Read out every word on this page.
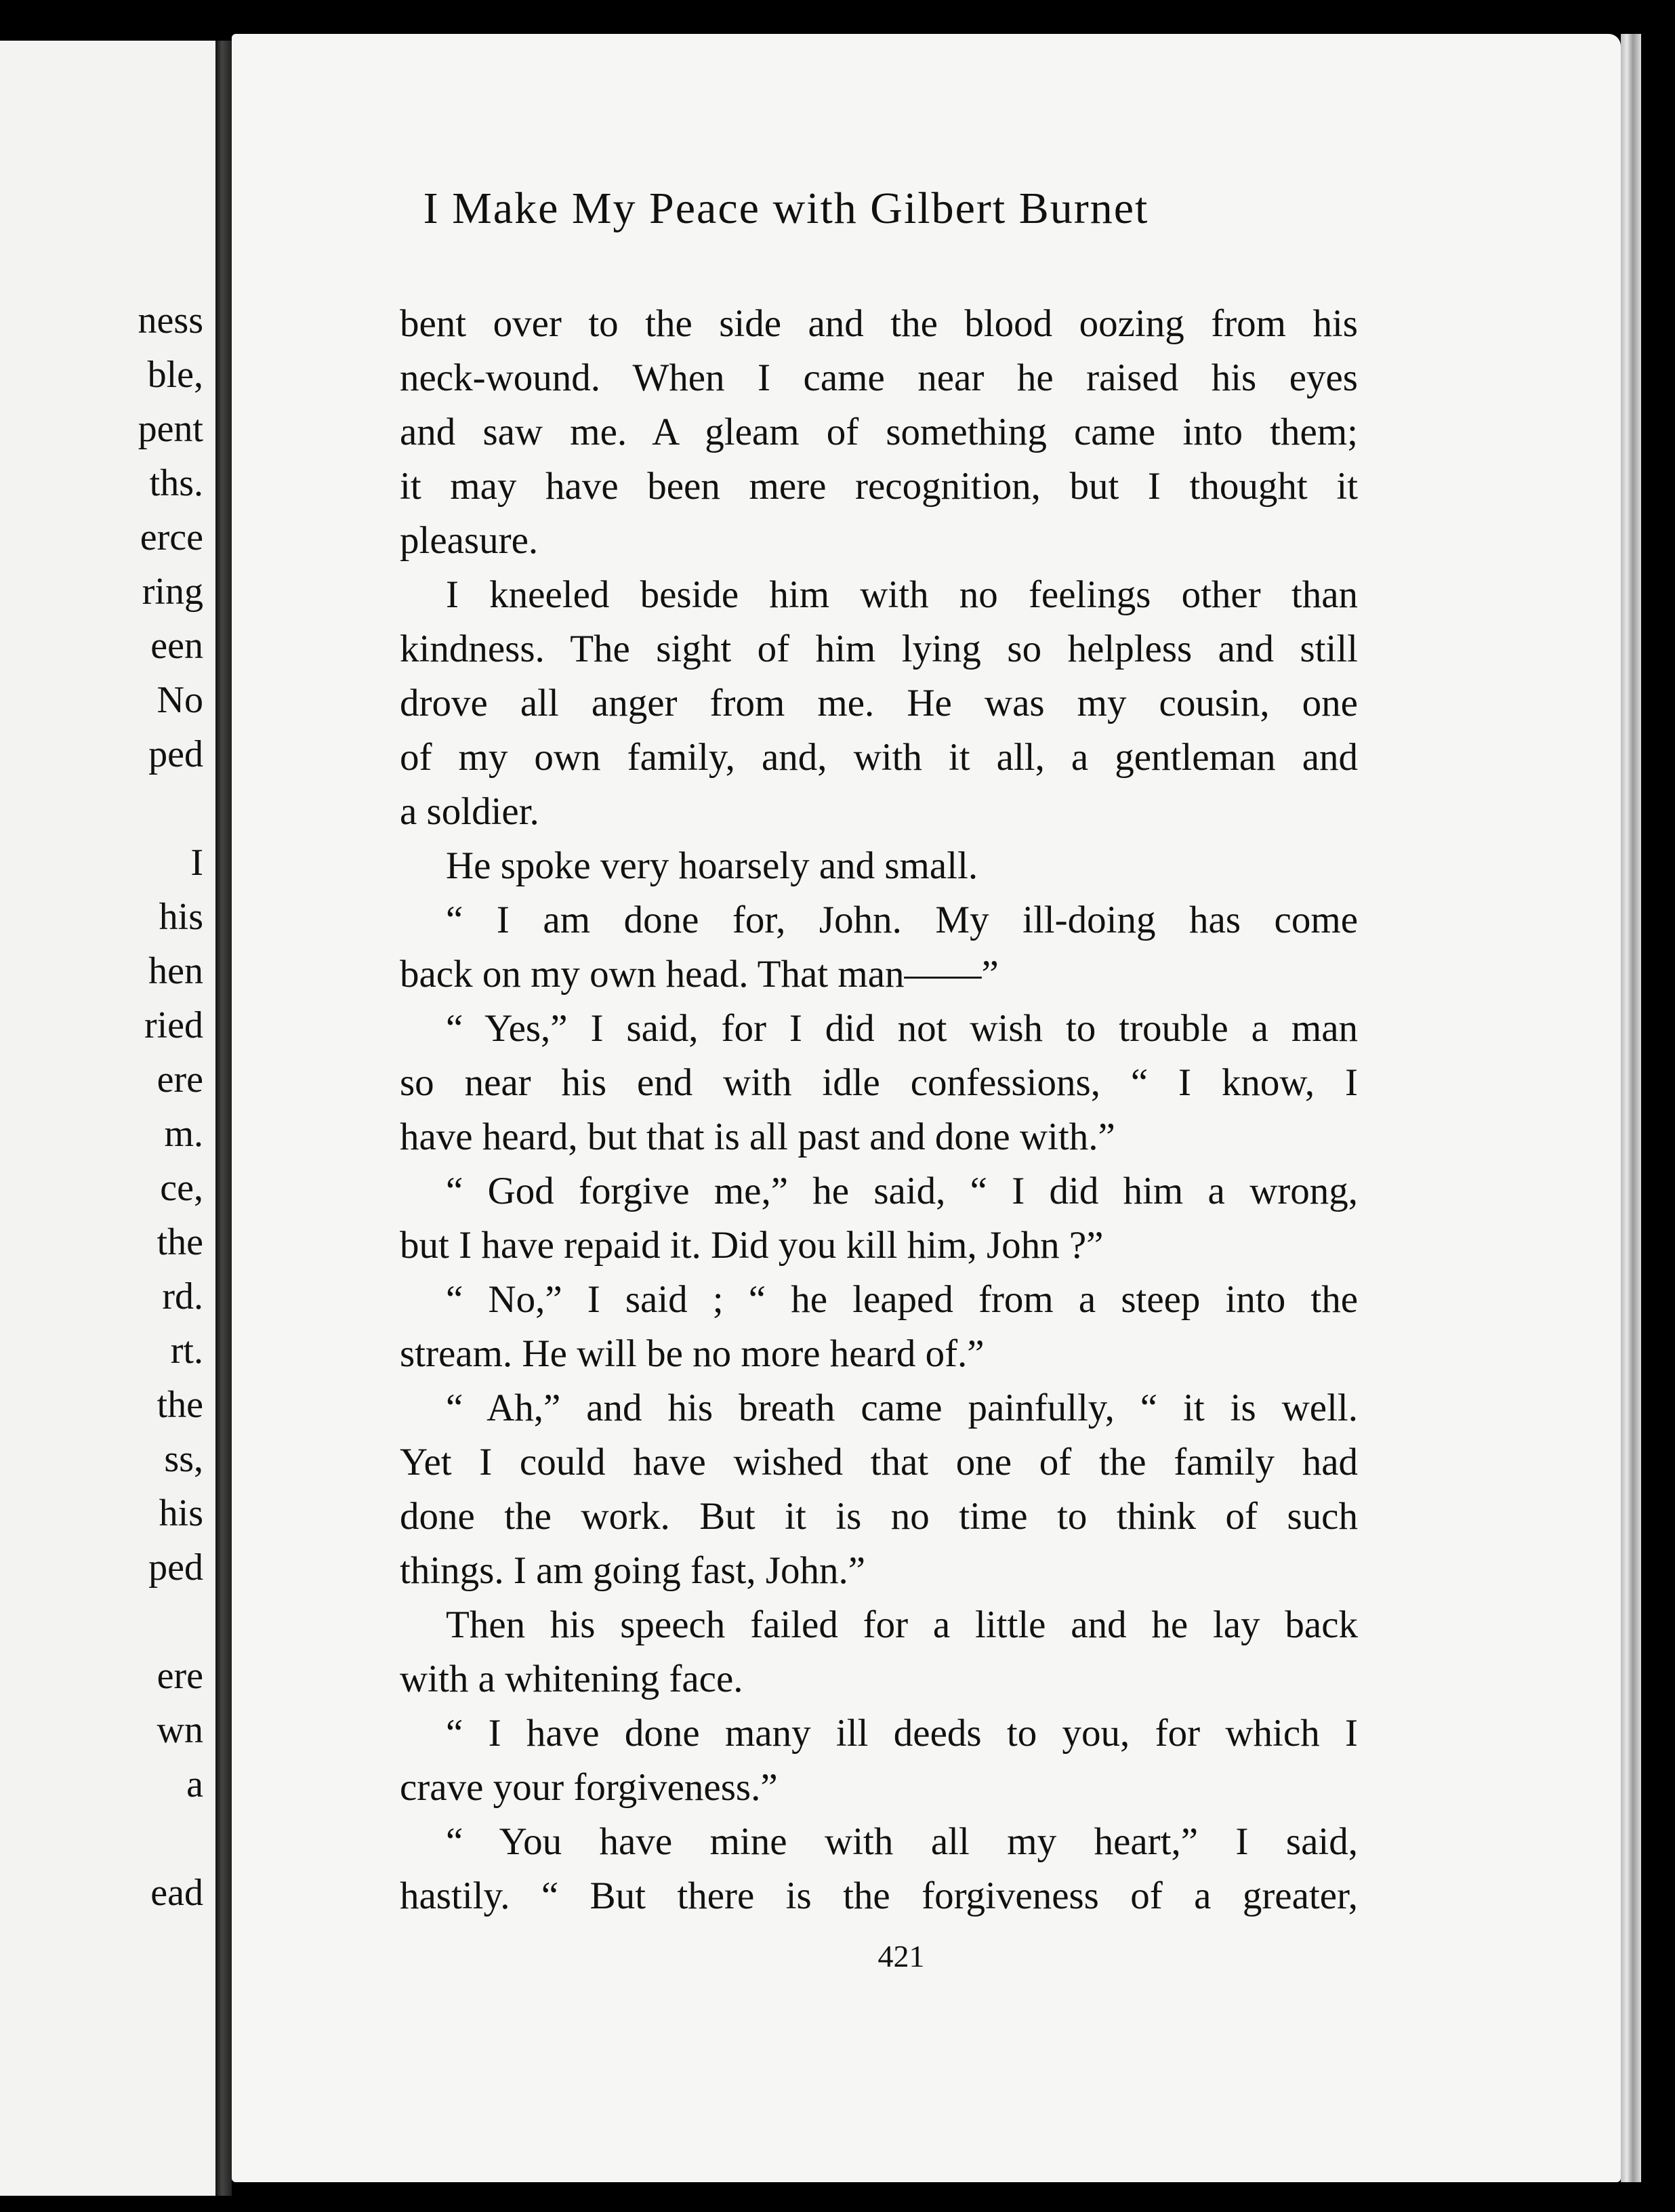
ness
ble,
pent
ths.
erce
ring
een
No
ped
I
his
hen
ried
ere
m.
ce,
the
rd.
rt.
the
ss,
his
ped
ere
wn
a
ead
I Make My Peace with Gilbert Burnet
bent over to the side and the blood oozing from his
neck-wound. When I came near he raised his eyes
and saw me. A gleam of something came into them;
it may have been mere recognition, but I thought it
pleasure.
I kneeled beside him with no feelings other than
kindness. The sight of him lying so helpless and still
drove all anger from me. He was my cousin, one
of my own family, and, with it all, a gentleman and
a soldier.
He spoke very hoarsely and small.
“ I am done for, John. My ill-doing has come
back on my own head. That man——”
“ Yes,” I said, for I did not wish to trouble a man
so near his end with idle confessions, “ I know, I
have heard, but that is all past and done with.”
“ God forgive me,” he said, “ I did him a wrong,
but I have repaid it. Did you kill him, John ?”
“ No,” I said ; “ he leaped from a steep into the
stream. He will be no more heard of.”
“ Ah,” and his breath came painfully, “ it is well.
Yet I could have wished that one of the family had
done the work. But it is no time to think of such
things. I am going fast, John.”
Then his speech failed for a little and he lay back
with a whitening face.
“ I have done many ill deeds to you, for which I
crave your forgiveness.”
“ You have mine with all my heart,” I said,
hastily. “ But there is the forgiveness of a greater,
421
